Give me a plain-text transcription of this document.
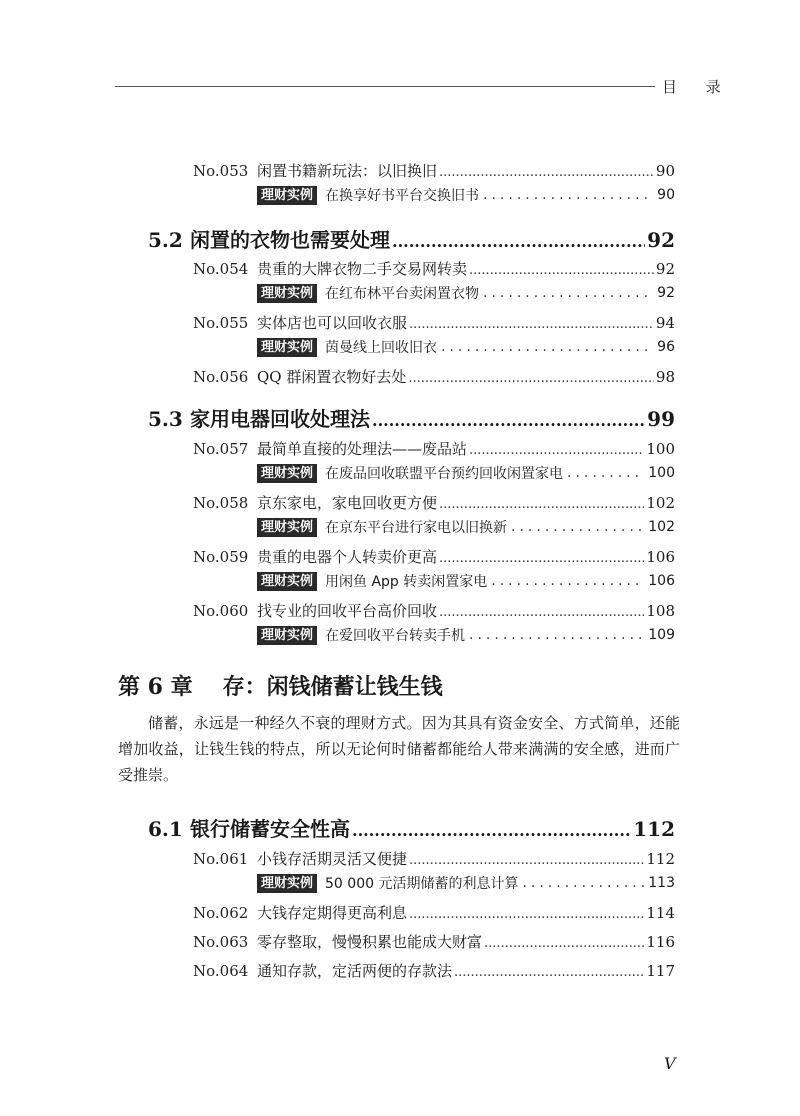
目 录
No.053 闲置书籍新玩法：以旧换旧 .....	90
理财实例 在换享好书平台交换旧书 .....	90
5.2 闲置的衣物也需要处理 .....	92
No.054 贵重的大牌衣物二手交易网转卖 .....	92
理财实例 在红布林平台卖闲置衣物 .....	92
No.055 实体店也可以回收衣服 .....	94
理财实例 茵曼线上回收旧衣 .....	96
No.056 QQ 群闲置衣物好去处 .....	98
5.3 家用电器回收处理法 .....	99
No.057 最简单直接的处理法——废品站 .....	100
理财实例 在废品回收联盟平台预约回收闲置家电 .....	100
No.058 京东家电，家电回收更方便 .....	102
理财实例 在京东平台进行家电以旧换新 .....	102
No.059 贵重的电器个人转卖价更高 .....	106
理财实例 用闲鱼 App 转卖闲置家电 .....	106
No.060 找专业的回收平台高价回收 .....	108
理财实例 在爱回收平台转卖手机 .....	109
第 6 章 存：闲钱储蓄让钱生钱
储蓄，永远是一种经久不衰的理财方式。因为其具有资金安全、方式简单，还能增加收益，让钱生钱的特点，所以无论何时储蓄都能给人带来满满的安全感，进而广受推崇。
6.1 银行储蓄安全性高 .....	112
No.061 小钱存活期灵活又便捷 .....	112
理财实例 50 000 元活期储蓄的利息计算 .....	113
No.062 大钱存定期得更高利息 .....	114
No.063 零存整取，慢慢积累也能成大财富 .....	116
No.064 通知存款，定活两便的存款法 .....	117
V
